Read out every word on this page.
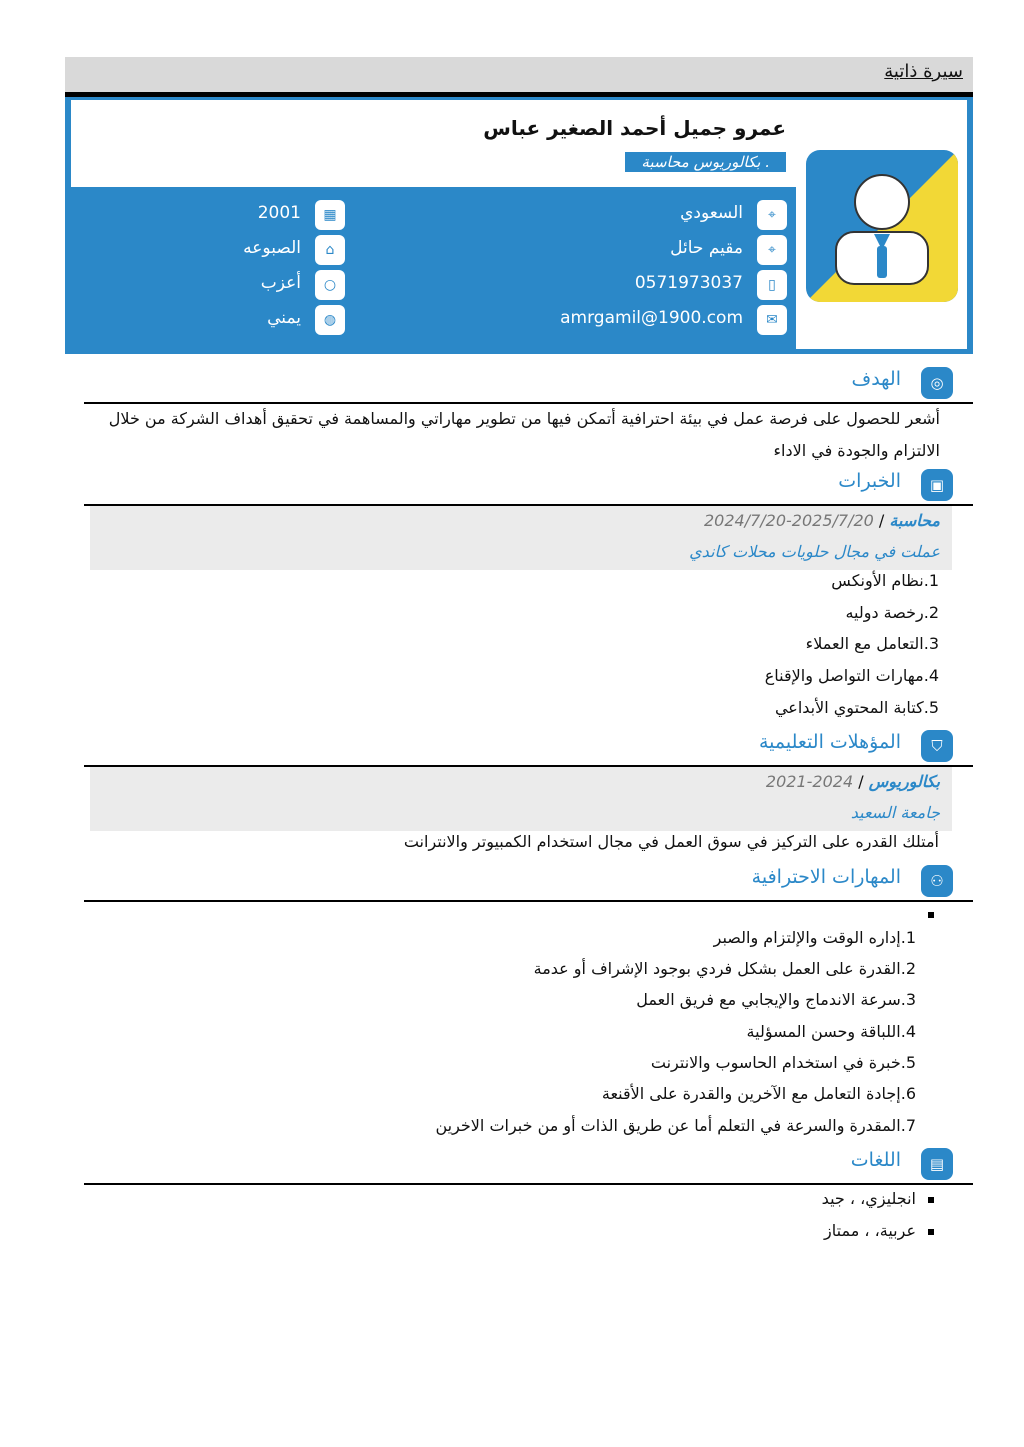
سيرة ذاتية
عمرو جميل أحمد الصغير عباس
بكالوريوس محاسبة .
⌖
السعودي
⌖
مقيم حائل
▯
0571973037
✉
amrgamil@1900.com
▦
2001
⌂
الصبوعه
○
أعزب
◍
يمني
◎
الهدف
أشعر للحصول على فرصة عمل في بيئة احترافية أتمكن فيها من تطوير مهاراتي والمساهمة في تحقيق أهداف الشركة من خلال الالتزام والجودة في الاداء
▣
الخبرات
محاسبة / 2025/7/20-2024/7/20
عملت في مجال حلويات محلات كاندي
1.نظام الأونكس
2.رخصة دوليه
3.التعامل مع العملاء
4.مهارات التواصل والإقناع
5.كتابة المحتوي الأبداعي
⛉
المؤهلات التعليمية
بكالوريوس / 2024-2021
جامعة السعيد
أمتلك القدره على التركيز في سوق العمل في مجال استخدام الكمبيوتر والانترانت
⚇
المهارات الاحترافية
1.إداره الوقت والإلتزام والصبر
2.القدرة على العمل بشكل فردي بوجود الإشراف أو عدمة
3.سرعة الاندماج والإيجابي مع فريق العمل
4.اللباقة وحسن المسؤلية
5.خبرة في استخدام الحاسوب والانترنت
6.إجادة التعامل مع الآخرين والقدرة على الأقنعة
7.المقدرة والسرعة في التعلم أما عن طريق الذات أو من خبرات الاخرين
▤
اللغات
انجليزي، ، جيد
عربية، ، ممتاز
